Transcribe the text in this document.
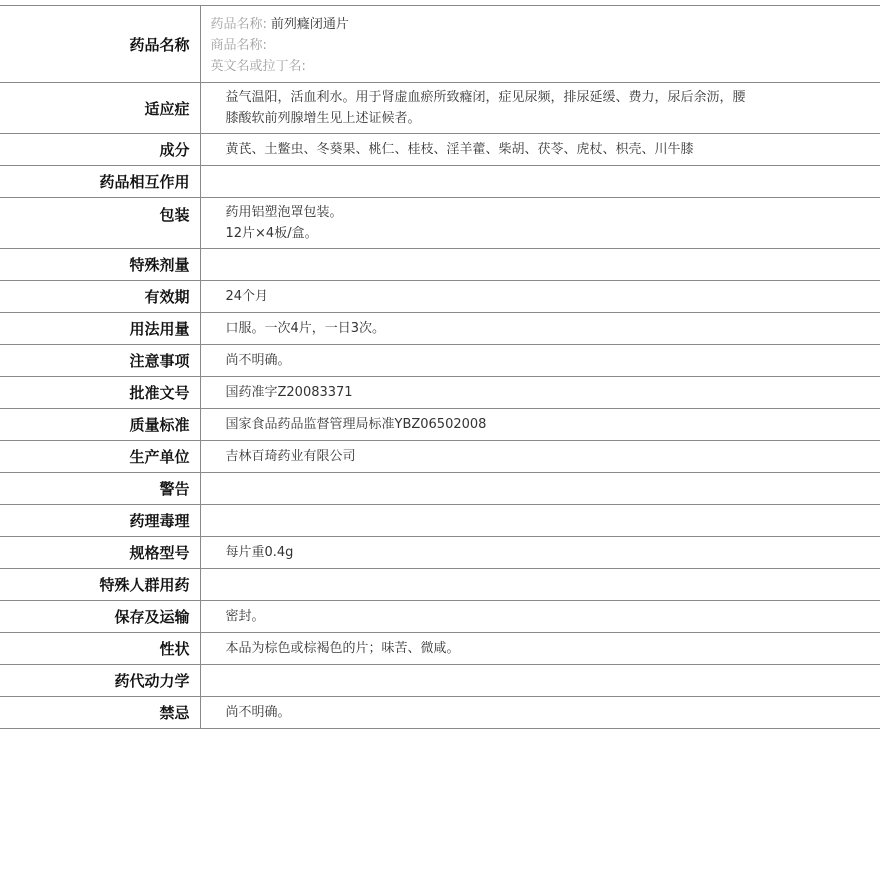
药品名称	药品名称: 前列癃闭通片
商品名称:
英文名或拉丁名:

适应症	益气温阳，活血利水。用于肾虚血瘀所致癃闭，症见尿频，排尿延缓、费力，尿后余沥，腰
膝酸软前列腺增生见上述证候者。

成分	黄芪、土鳖虫、冬葵果、桃仁、桂枝、淫羊藿、柴胡、茯苓、虎杖、枳壳、川牛膝
药品相互作用	
包装	药用铝塑泡罩包装。
12片×4板/盒。

特殊剂量	
有效期	24个月
用法用量	口服。一次4片，一日3次。
注意事项	尚不明确。
批准文号	国药准字Z20083371
质量标准	国家食品药品监督管理局标准YBZ06502008
生产单位	吉林百琦药业有限公司
警告	
药理毒理	
规格型号	每片重0.4g
特殊人群用药	
保存及运输	密封。
性状	本品为棕色或棕褐色的片；味苦、微咸。
药代动力学	
禁忌	尚不明确。
